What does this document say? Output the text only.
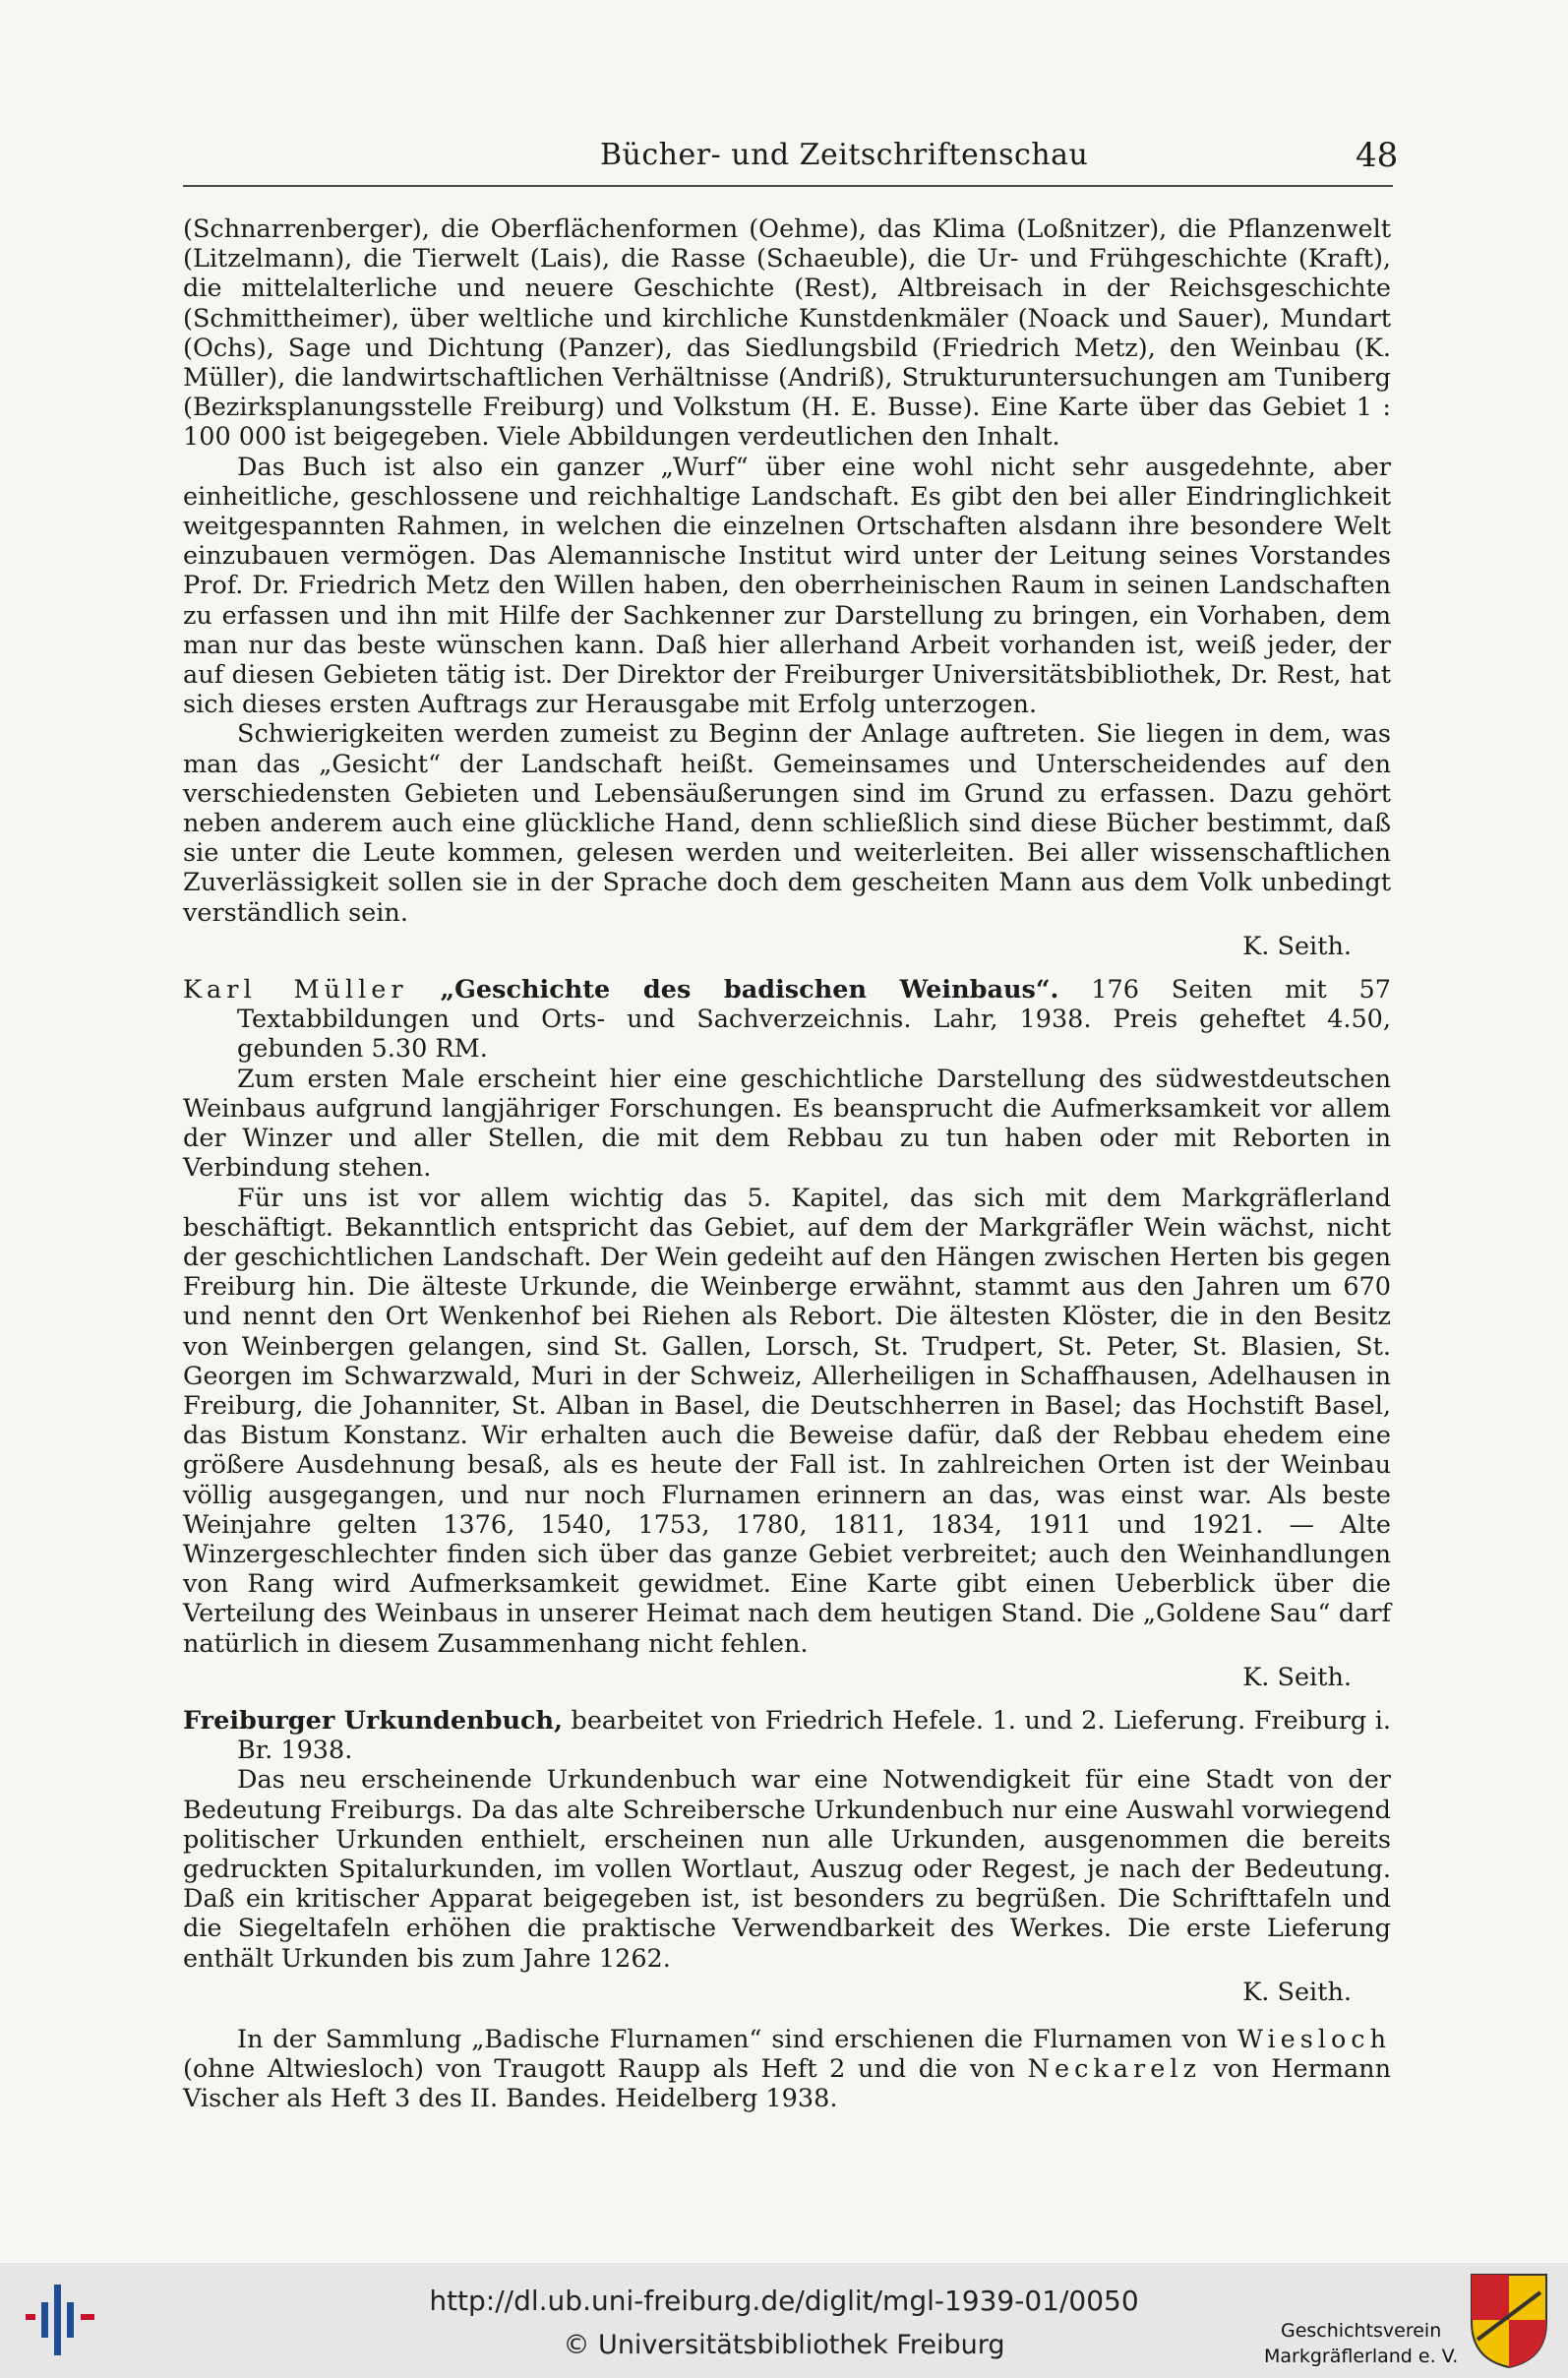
Bücher- und Zeitschriftenschau	48

(Schnarrenberger), die Oberflächenformen (Oehme), das Klima (Loßnitzer), die Pflanzenwelt (Litzelmann), die Tierwelt (Lais), die Rasse (Schaeuble), die Ur- und Frühgeschichte (Kraft), die mittelalterliche und neuere Geschichte (Rest), Altbreisach in der Reichsgeschichte (Schmittheimer), über weltliche und kirchliche Kunstdenkmäler (Noack und Sauer), Mundart (Ochs), Sage und Dichtung (Panzer), das Siedlungsbild (Friedrich Metz), den Weinbau (K. Müller), die landwirtschaftlichen Verhältnisse (Andriß), Strukturuntersuchungen am Tuniberg (Bezirksplanungsstelle Freiburg) und Volkstum (H. E. Busse). Eine Karte über das Gebiet 1 : 100 000 ist beigegeben. Viele Abbildungen verdeutlichen den Inhalt.

Das Buch ist also ein ganzer „Wurf“ über eine wohl nicht sehr ausgedehnte, aber einheitliche, geschlossene und reichhaltige Landschaft. Es gibt den bei aller Eindringlichkeit weitgespannten Rahmen, in welchen die einzelnen Ortschaften alsdann ihre besondere Welt einzubauen vermögen. Das Alemannische Institut wird unter der Leitung seines Vorstandes Prof. Dr. Friedrich Metz den Willen haben, den oberrheinischen Raum in seinen Landschaften zu erfassen und ihn mit Hilfe der Sachkenner zur Darstellung zu bringen, ein Vorhaben, dem man nur das beste wünschen kann. Daß hier allerhand Arbeit vorhanden ist, weiß jeder, der auf diesen Gebieten tätig ist. Der Direktor der Freiburger Universitätsbibliothek, Dr. Rest, hat sich dieses ersten Auftrags zur Herausgabe mit Erfolg unterzogen.

Schwierigkeiten werden zumeist zu Beginn der Anlage auftreten. Sie liegen in dem, was man das „Gesicht“ der Landschaft heißt. Gemeinsames und Unterscheidendes auf den verschiedensten Gebieten und Lebensäußerungen sind im Grund zu erfassen. Dazu gehört neben anderem auch eine glückliche Hand, denn schließlich sind diese Bücher bestimmt, daß sie unter die Leute kommen, gelesen werden und weiterleiten. Bei aller wissenschaftlichen Zuverlässigkeit sollen sie in der Sprache doch dem gescheiten Mann aus dem Volk unbedingt verständlich sein.

K. Seith.

Karl Müller „Geschichte des badischen Weinbaus“. 176 Seiten mit 57 Textabbildungen und Orts- und Sachverzeichnis. Lahr, 1938. Preis geheftet 4.50, gebunden 5.30 RM.

Zum ersten Male erscheint hier eine geschichtliche Darstellung des südwestdeutschen Weinbaus aufgrund langjähriger Forschungen. Es beansprucht die Aufmerksamkeit vor allem der Winzer und aller Stellen, die mit dem Rebbau zu tun haben oder mit Reborten in Verbindung stehen.

Für uns ist vor allem wichtig das 5. Kapitel, das sich mit dem Markgräflerland beschäftigt. Bekanntlich entspricht das Gebiet, auf dem der Markgräfler Wein wächst, nicht der geschichtlichen Landschaft. Der Wein gedeiht auf den Hängen zwischen Herten bis gegen Freiburg hin. Die älteste Urkunde, die Weinberge erwähnt, stammt aus den Jahren um 670 und nennt den Ort Wenkenhof bei Riehen als Rebort. Die ältesten Klöster, die in den Besitz von Weinbergen gelangen, sind St. Gallen, Lorsch, St. Trudpert, St. Peter, St. Blasien, St. Georgen im Schwarzwald, Muri in der Schweiz, Allerheiligen in Schaffhausen, Adelhausen in Freiburg, die Johanniter, St. Alban in Basel, die Deutschherren in Basel; das Hochstift Basel, das Bistum Konstanz. Wir erhalten auch die Beweise dafür, daß der Rebbau ehedem eine größere Ausdehnung besaß, als es heute der Fall ist. In zahlreichen Orten ist der Weinbau völlig ausgegangen, und nur noch Flurnamen erinnern an das, was einst war. Als beste Weinjahre gelten 1376, 1540, 1753, 1780, 1811, 1834, 1911 und 1921. — Alte Winzergeschlechter finden sich über das ganze Gebiet verbreitet; auch den Weinhandlungen von Rang wird Aufmerksamkeit gewidmet. Eine Karte gibt einen Ueberblick über die Verteilung des Weinbaus in unserer Heimat nach dem heutigen Stand. Die „Goldene Sau“ darf natürlich in diesem Zusammenhang nicht fehlen.

K. Seith.

Freiburger Urkundenbuch, bearbeitet von Friedrich Hefele. 1. und 2. Lieferung. Freiburg i. Br. 1938.

Das neu erscheinende Urkundenbuch war eine Notwendigkeit für eine Stadt von der Bedeutung Freiburgs. Da das alte Schreibersche Urkundenbuch nur eine Auswahl vorwiegend politischer Urkunden enthielt, erscheinen nun alle Urkunden, ausgenommen die bereits gedruckten Spitalurkunden, im vollen Wortlaut, Auszug oder Regest, je nach der Bedeutung. Daß ein kritischer Apparat beigegeben ist, ist besonders zu begrüßen. Die Schrifttafeln und die Siegeltafeln erhöhen die praktische Verwendbarkeit des Werkes. Die erste Lieferung enthält Urkunden bis zum Jahre 1262.

K. Seith.

In der Sammlung „Badische Flurnamen“ sind erschienen die Flurnamen von Wiesloch (ohne Altwiesloch) von Traugott Raupp als Heft 2 und die von Neckarelz von Hermann Vischer als Heft 3 des II. Bandes. Heidelberg 1938.

http://dl.ub.uni-freiburg.de/diglit/mgl-1939-01/0050
© Universitätsbibliothek Freiburg	Geschichtsverein
Markgräflerland e. V.
